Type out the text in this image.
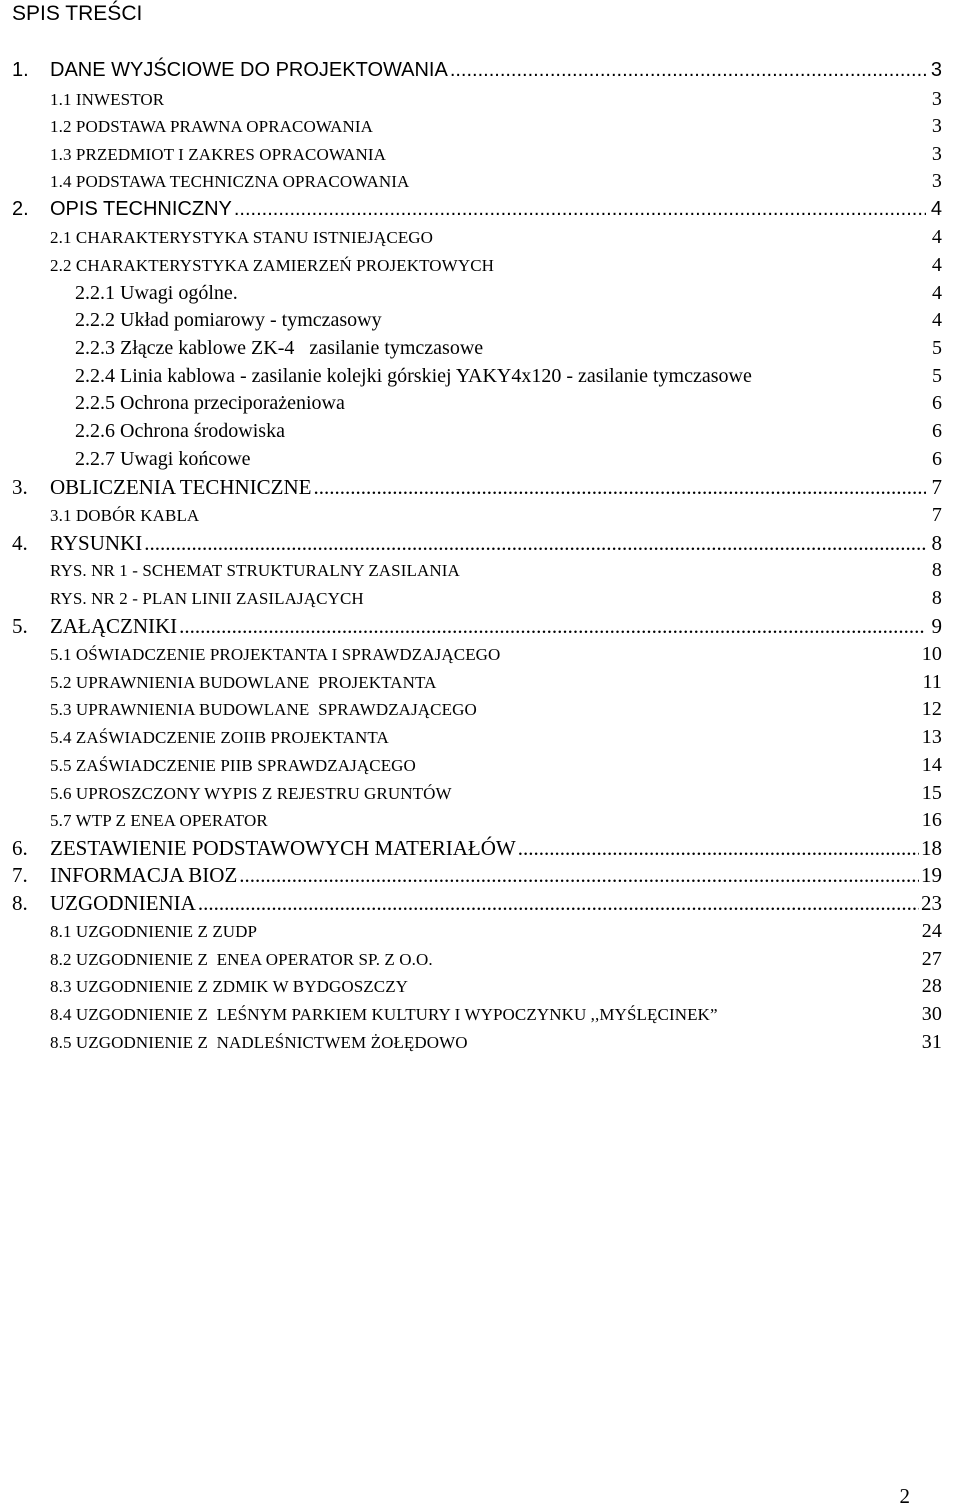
SPIS TREŚCI
1.	DANE WYJŚCIOWE DO PROJEKTOWANIA .....	3
1.1 INWESTOR	3
1.2 PODSTAWA PRAWNA OPRACOWANIA	3
1.3 PRZEDMIOT I ZAKRES OPRACOWANIA	3
1.4 PODSTAWA TECHNICZNA OPRACOWANIA	3
2.	OPIS TECHNICZNY .....	4
2.1 CHARAKTERYSTYKA STANU ISTNIEJĄCEGO	4
2.2 CHARAKTERYSTYKA ZAMIERZEŃ PROJEKTOWYCH	4
2.2.1 Uwagi ogólne.	4
2.2.2 Układ pomiarowy - tymczasowy	4
2.2.3 Złącze kablowe ZK-4   zasilanie tymczasowe	5
2.2.4 Linia kablowa - zasilanie kolejki górskiej YAKY4x120 - zasilanie tymczasowe	5
2.2.5 Ochrona przeciporażeniowa	6
2.2.6 Ochrona środowiska	6
2.2.7 Uwagi końcowe	6
3.	OBLICZENIA TECHNICZNE .....	7
3.1 DOBÓR KABLA	7
4.	RYSUNKI .....	8
RYS. NR 1 - SCHEMAT STRUKTURALNY ZASILANIA	8
RYS. NR 2 - PLAN LINII ZASILAJĄCYCH	8
5.	ZAŁĄCZNIKI .....	9
5.1 OŚWIADCZENIE PROJEKTANTA I SPRAWDZAJĄCEGO	10
5.2 UPRAWNIENIA BUDOWLANE  PROJEKTANTA	11
5.3 UPRAWNIENIA BUDOWLANE  SPRAWDZAJĄCEGO	12
5.4 ZAŚWIADCZENIE ZOIIB PROJEKTANTA	13
5.5 ZAŚWIADCZENIE PIIB SPRAWDZAJĄCEGO	14
5.6 UPROSZCZONY WYPIS Z REJESTRU GRUNTÓW	15
5.7 WTP Z ENEA OPERATOR	16
6.	ZESTAWIENIE PODSTAWOWYCH MATERIAŁÓW .....	18
7.	INFORMACJA BIOZ .....	19
8.	UZGODNIENIA .....	23
8.1 UZGODNIENIE Z ZUDP	24
8.2 UZGODNIENIE Z  ENEA OPERATOR SP. Z O.O.	27
8.3 UZGODNIENIE Z ZDMIK W BYDGOSZCZY	28
8.4 UZGODNIENIE Z  LEŚNYM PARKIEM KULTURY I WYPOCZYNKU ,,MYŚLĘCINEK”	30
8.5 UZGODNIENIE Z  NADLEŚNICTWEM ŻOŁĘDOWO	31
2
